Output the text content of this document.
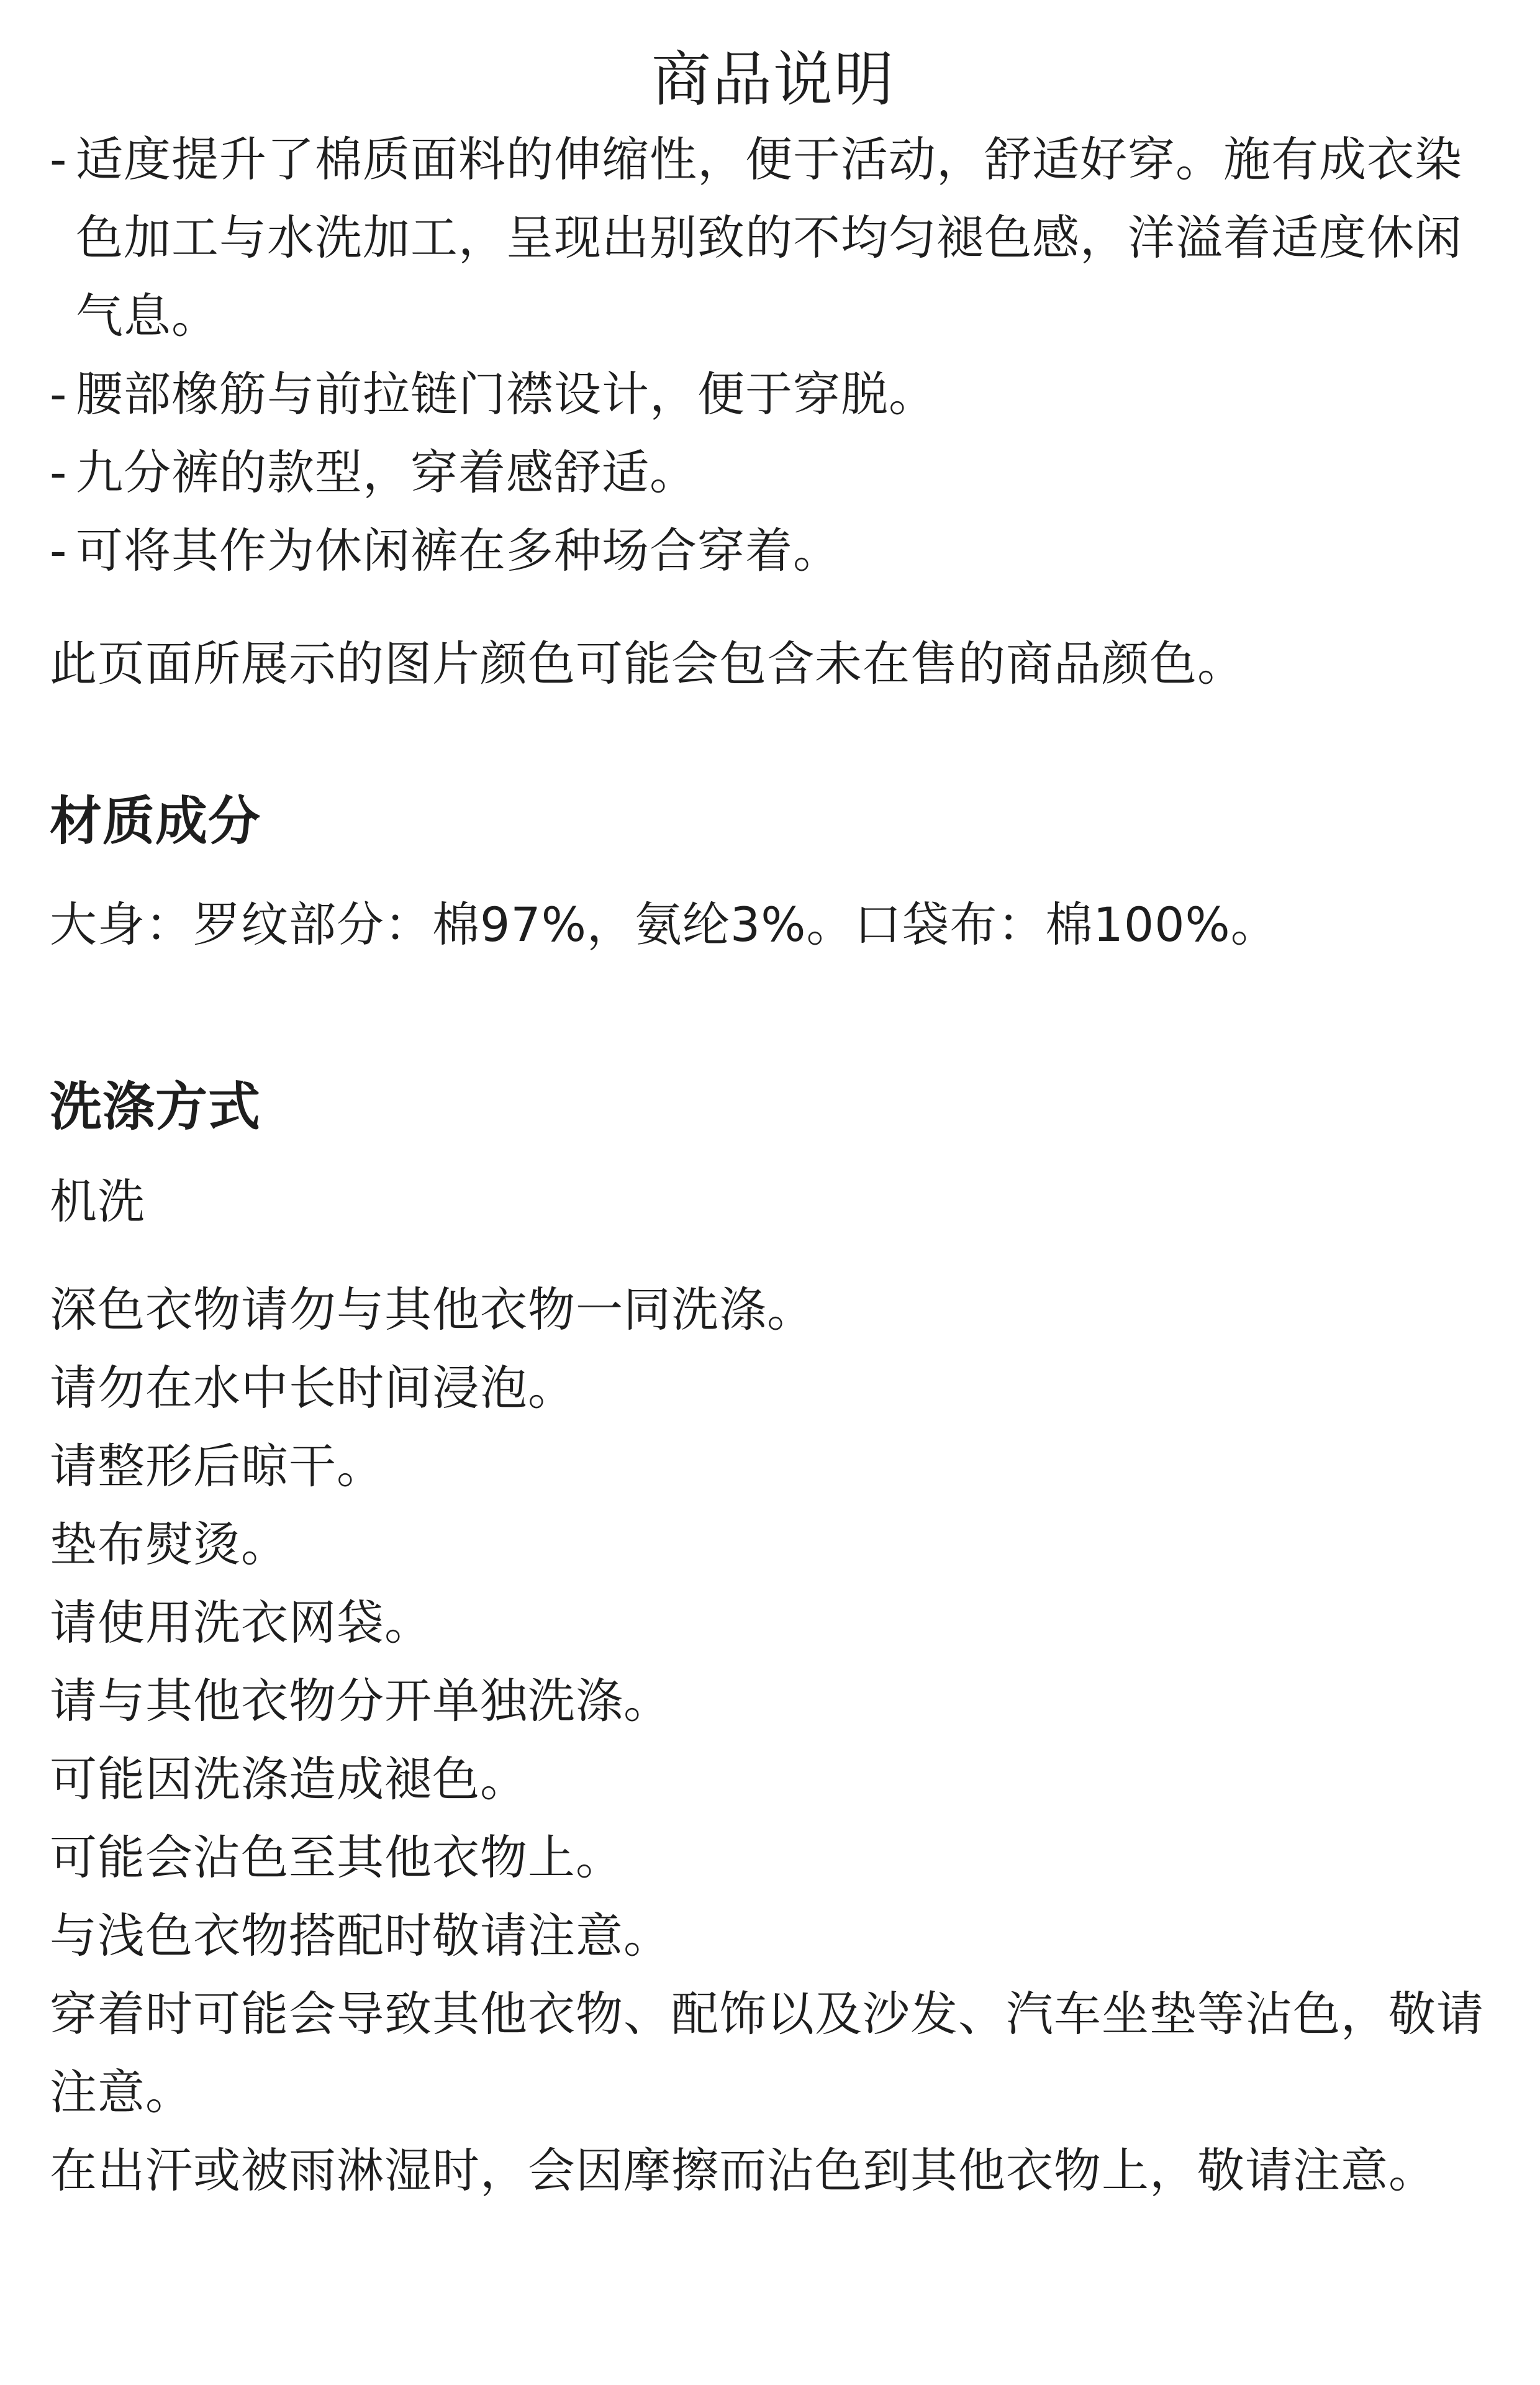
商品说明
- 适度提升了棉质面料的伸缩性，便于活动，舒适好穿。施有成衣染色加工与水洗加工，呈现出别致的不均匀褪色感，洋溢着适度休闲气息。
- 腰部橡筋与前拉链门襟设计，便于穿脱。
- 九分裤的款型，穿着感舒适。
- 可将其作为休闲裤在多种场合穿着。
此页面所展示的图片颜色可能会包含未在售的商品颜色。
材质成分
大身：罗纹部分：棉97%，氨纶3%。口袋布：棉100%。
洗涤方式
机洗
深色衣物请勿与其他衣物一同洗涤。
请勿在水中长时间浸泡。
请整形后晾干。
垫布熨烫。
请使用洗衣网袋。
请与其他衣物分开单独洗涤。
可能因洗涤造成褪色。
可能会沾色至其他衣物上。
与浅色衣物搭配时敬请注意。
穿着时可能会导致其他衣物、配饰以及沙发、汽车坐垫等沾色，敬请注意。
在出汗或被雨淋湿时，会因摩擦而沾色到其他衣物上，敬请注意。
